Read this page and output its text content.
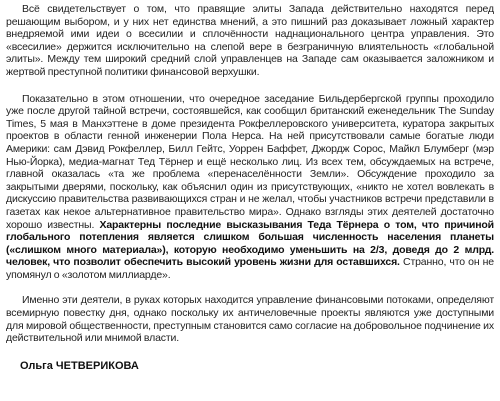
Всё свидетельствует о том, что правящие элиты Запада действительно находятся перед решающим выбором, и у них нет единства мнений, а это пишний раз доказывает ложный характер внедряемой ими идеи о всесилии и сплочённости наднационального центра управления. Это «всесилие» держится исключительно на слепой вере в безграничную влиятельность «глобальной элиты». Между тем широкий средний слой управленцев на Западе сам оказывается заложником и жертвой преступной политики финансовой верхушки.

Показательно в этом отношении, что очередное заседание Бильдербергской группы проходило уже после другой тайной встречи, состоявшейся, как сообщил британский еженедельник The Sunday Times, 5 мая в Манхэттене в доме президента Рокфеллеровского университета, куратора закрытых проектов в области генной инженерии Пола Нерса. На ней присутствовали самые богатые люди Америки: сам Дэвид Рокфеллер, Билл Гейтс, Уоррен Баффет, Джордж Сорос, Майкл Блумберг (мэр Нью-Йорка), медиа-магнат Тед Тёрнер и ещё несколько лиц. Из всех тем, обсуждаемых на встрече, главной оказалась «та же проблема «перенаселённости Земли». Обсуждение проходило за закрытыми дверями, поскольку, как объяснил один из присутствующих, «никто не хотел вовлекать в дискуссию правительства развивающихся стран и не желал, чтобы участников встречи представили в газетах как некое альтернативное правительство мира». Однако взгляды этих деятелей достаточно хорошо известны. Характерны последние высказывания Теда Тёрнера о том, что причиной глобального потепления является слишком большая численность населения планеты («слишком много материала»), которую необходимо уменьшить на 2/3, доведя до 2 млрд. человек, что позволит обеспечить высокий уровень жизни для оставшихся. Странно, что он не упомянул о «золотом миллиарде».

Именно эти деятели, в руках которых находится управление финансовыми потоками, определяют всемирную повестку дня, однако поскольку их античеловечные проекты являются уже доступными для мировой общественности, преступным становится само согласие на добровольное подчинение их действительной или мнимой власти.

Ольга ЧЕТВЕРИКОВА
